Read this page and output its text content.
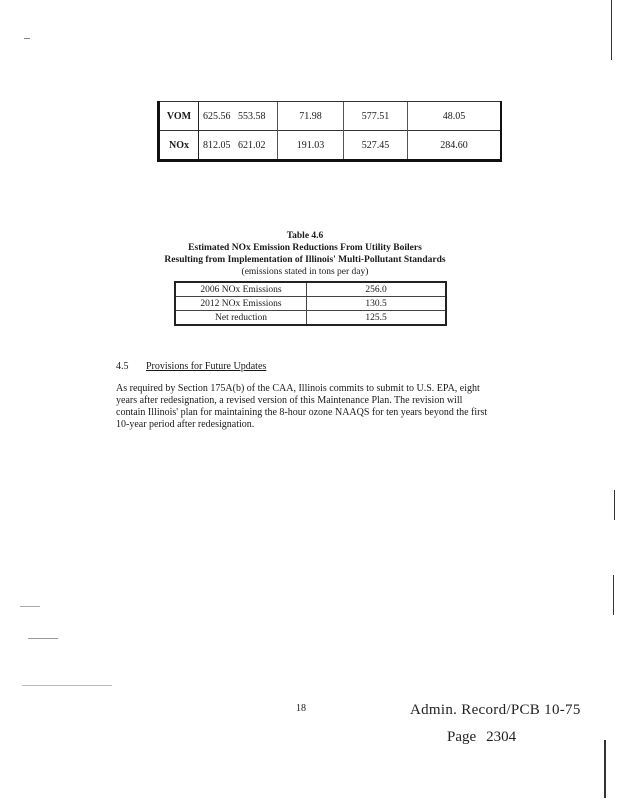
VOM	625.56 553.58	71.98	577.51	48.05
NOx	812.05 621.02	191.03	527.45	284.60
Table 4.6
Estimated NOx Emission Reductions From Utility Boilers
Resulting from Implementation of Illinois' Multi-Pollutant Standards
(emissions stated in tons per day)
2006 NOx Emissions	256.0
2012 NOx Emissions	130.5
Net reduction	125.5
4.5 Provisions for Future Updates
As required by Section 175A(b) of the CAA, Illinois commits to submit to U.S. EPA, eight years after redesignation, a revised version of this Maintenance Plan. The revision will contain Illinois' plan for maintaining the 8-hour ozone NAAQS for ten years beyond the first 10-year period after redesignation.
18	Admin. Record/PCB 10-75
Page 2304
